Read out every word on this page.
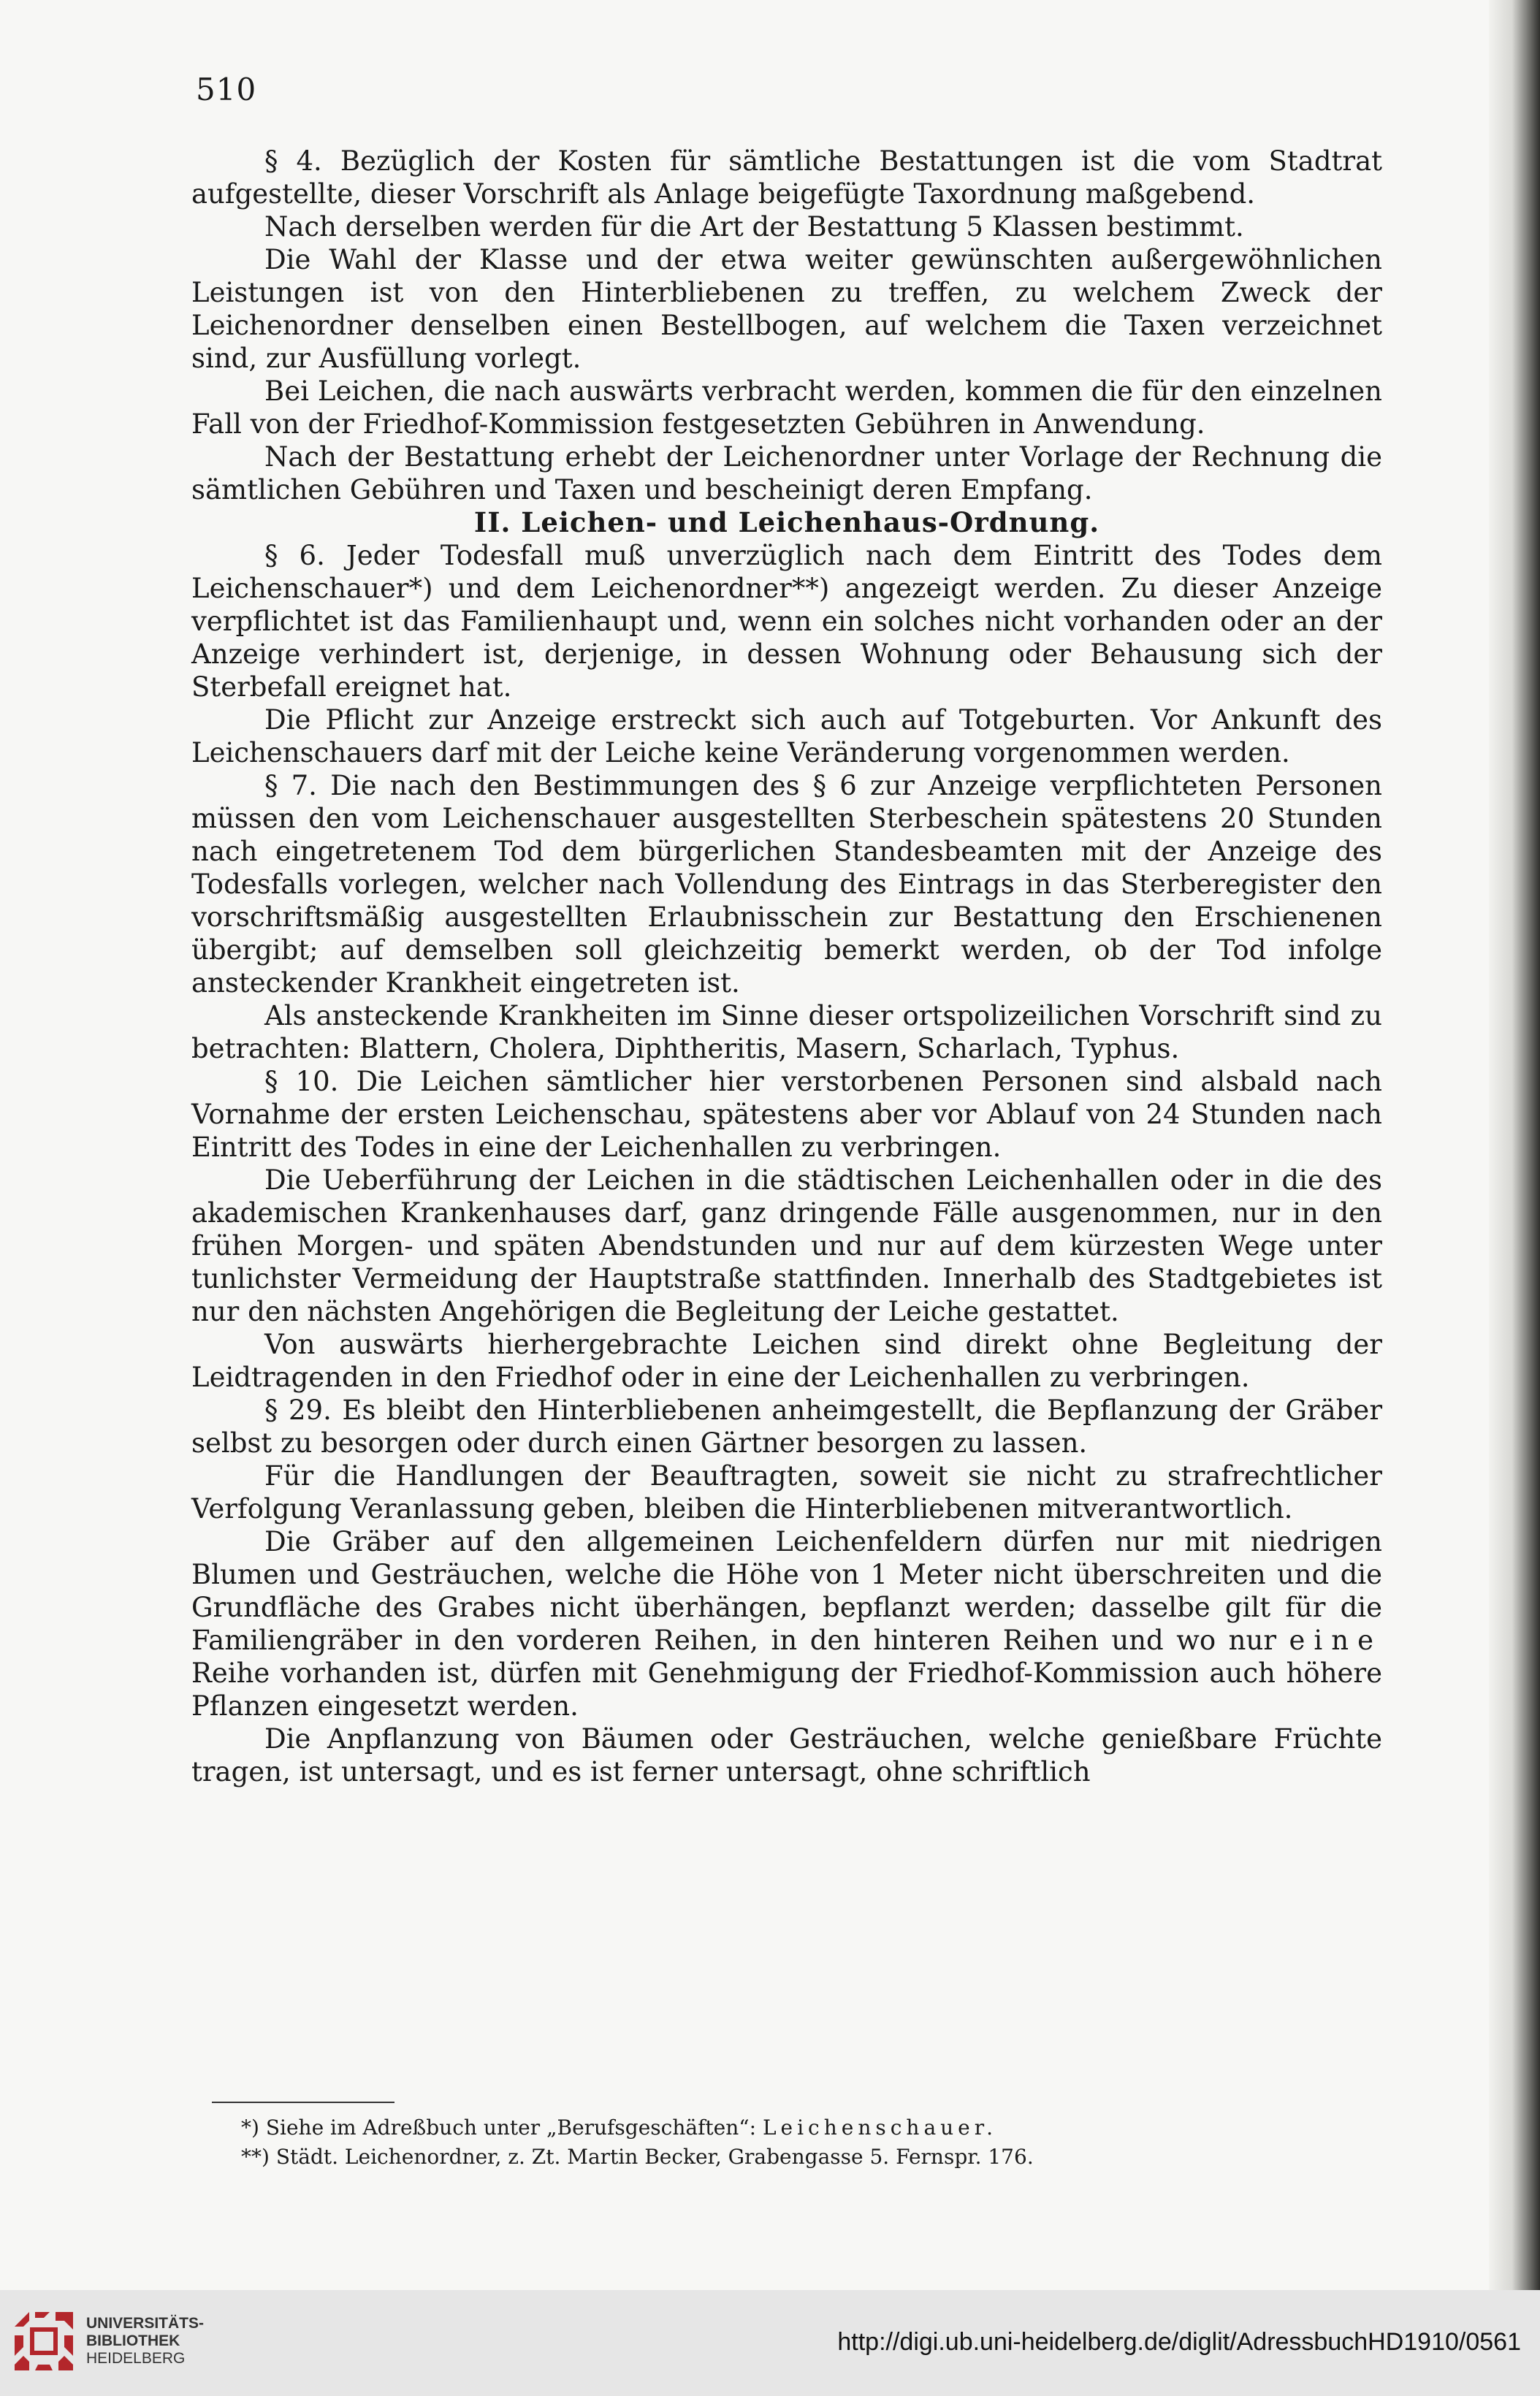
510

§ 4. Bezüglich der Kosten für sämtliche Bestattungen ist die vom Stadtrat aufgestellte, dieser Vorschrift als Anlage beigefügte Taxordnung maßgebend.

Nach derselben werden für die Art der Bestattung 5 Klassen bestimmt.

Die Wahl der Klasse und der etwa weiter gewünschten außergewöhnlichen Leistungen ist von den Hinterbliebenen zu treffen, zu welchem Zweck der Leichenordner denselben einen Bestellbogen, auf welchem die Taxen verzeichnet sind, zur Ausfüllung vorlegt.

Bei Leichen, die nach auswärts verbracht werden, kommen die für den einzelnen Fall von der Friedhof-Kommission festgesetzten Gebühren in Anwendung.

Nach der Bestattung erhebt der Leichenordner unter Vorlage der Rechnung die sämtlichen Gebühren und Taxen und bescheinigt deren Empfang.

II. Leichen- und Leichenhaus-Ordnung.

§ 6. Jeder Todesfall muß unverzüglich nach dem Eintritt des Todes dem Leichenschauer*) und dem Leichenordner**) angezeigt werden. Zu dieser Anzeige verpflichtet ist das Familienhaupt und, wenn ein solches nicht vorhanden oder an der Anzeige verhindert ist, derjenige, in dessen Wohnung oder Behausung sich der Sterbefall ereignet hat.

Die Pflicht zur Anzeige erstreckt sich auch auf Totgeburten. Vor Ankunft des Leichenschauers darf mit der Leiche keine Veränderung vorgenommen werden.

§ 7. Die nach den Bestimmungen des § 6 zur Anzeige verpflichteten Personen müssen den vom Leichenschauer ausgestellten Sterbeschein spätestens 20 Stunden nach eingetretenem Tod dem bürgerlichen Standesbeamten mit der Anzeige des Todesfalls vorlegen, welcher nach Vollendung des Eintrags in das Sterberegister den vorschriftsmäßig ausgestellten Erlaubnisschein zur Bestattung den Erschienenen übergibt; auf demselben soll gleichzeitig bemerkt werden, ob der Tod infolge ansteckender Krankheit eingetreten ist.

Als ansteckende Krankheiten im Sinne dieser ortspolizeilichen Vorschrift sind zu betrachten: Blattern, Cholera, Diphtheritis, Masern, Scharlach, Typhus.

§ 10. Die Leichen sämtlicher hier verstorbenen Personen sind alsbald nach Vornahme der ersten Leichenschau, spätestens aber vor Ablauf von 24 Stunden nach Eintritt des Todes in eine der Leichenhallen zu verbringen.

Die Ueberführung der Leichen in die städtischen Leichenhallen oder in die des akademischen Krankenhauses darf, ganz dringende Fälle ausgenommen, nur in den frühen Morgen- und späten Abendstunden und nur auf dem kürzesten Wege unter tunlichster Vermeidung der Hauptstraße stattfinden. Innerhalb des Stadtgebietes ist nur den nächsten Angehörigen die Begleitung der Leiche gestattet.

Von auswärts hierhergebrachte Leichen sind direkt ohne Begleitung der Leidtragenden in den Friedhof oder in eine der Leichenhallen zu verbringen.

§ 29. Es bleibt den Hinterbliebenen anheimgestellt, die Bepflanzung der Gräber selbst zu besorgen oder durch einen Gärtner besorgen zu lassen.

Für die Handlungen der Beauftragten, soweit sie nicht zu strafrechtlicher Verfolgung Veranlassung geben, bleiben die Hinterbliebenen mitverantwortlich.

Die Gräber auf den allgemeinen Leichenfeldern dürfen nur mit niedrigen Blumen und Gesträuchen, welche die Höhe von 1 Meter nicht überschreiten und die Grundfläche des Grabes nicht überhängen, bepflanzt werden; dasselbe gilt für die Familiengräber in den vorderen Reihen, in den hinteren Reihen und wo nur eine Reihe vorhanden ist, dürfen mit Genehmigung der Friedhof-Kommission auch höhere Pflanzen eingesetzt werden.

Die Anpflanzung von Bäumen oder Gesträuchen, welche genießbare Früchte tragen, ist untersagt, und es ist ferner untersagt, ohne schriftlich

*) Siehe im Adreßbuch unter „Berufsgeschäften“: Leichenschauer.
**) Städt. Leichenordner, z. Zt. Martin Becker, Grabengasse 5. Fernspr. 176.
UNIVERSITÄTS-
BIBLIOTHEK
HEIDELBERG
http://digi.ub.uni-heidelberg.de/diglit/AdressbuchHD1910/0561
